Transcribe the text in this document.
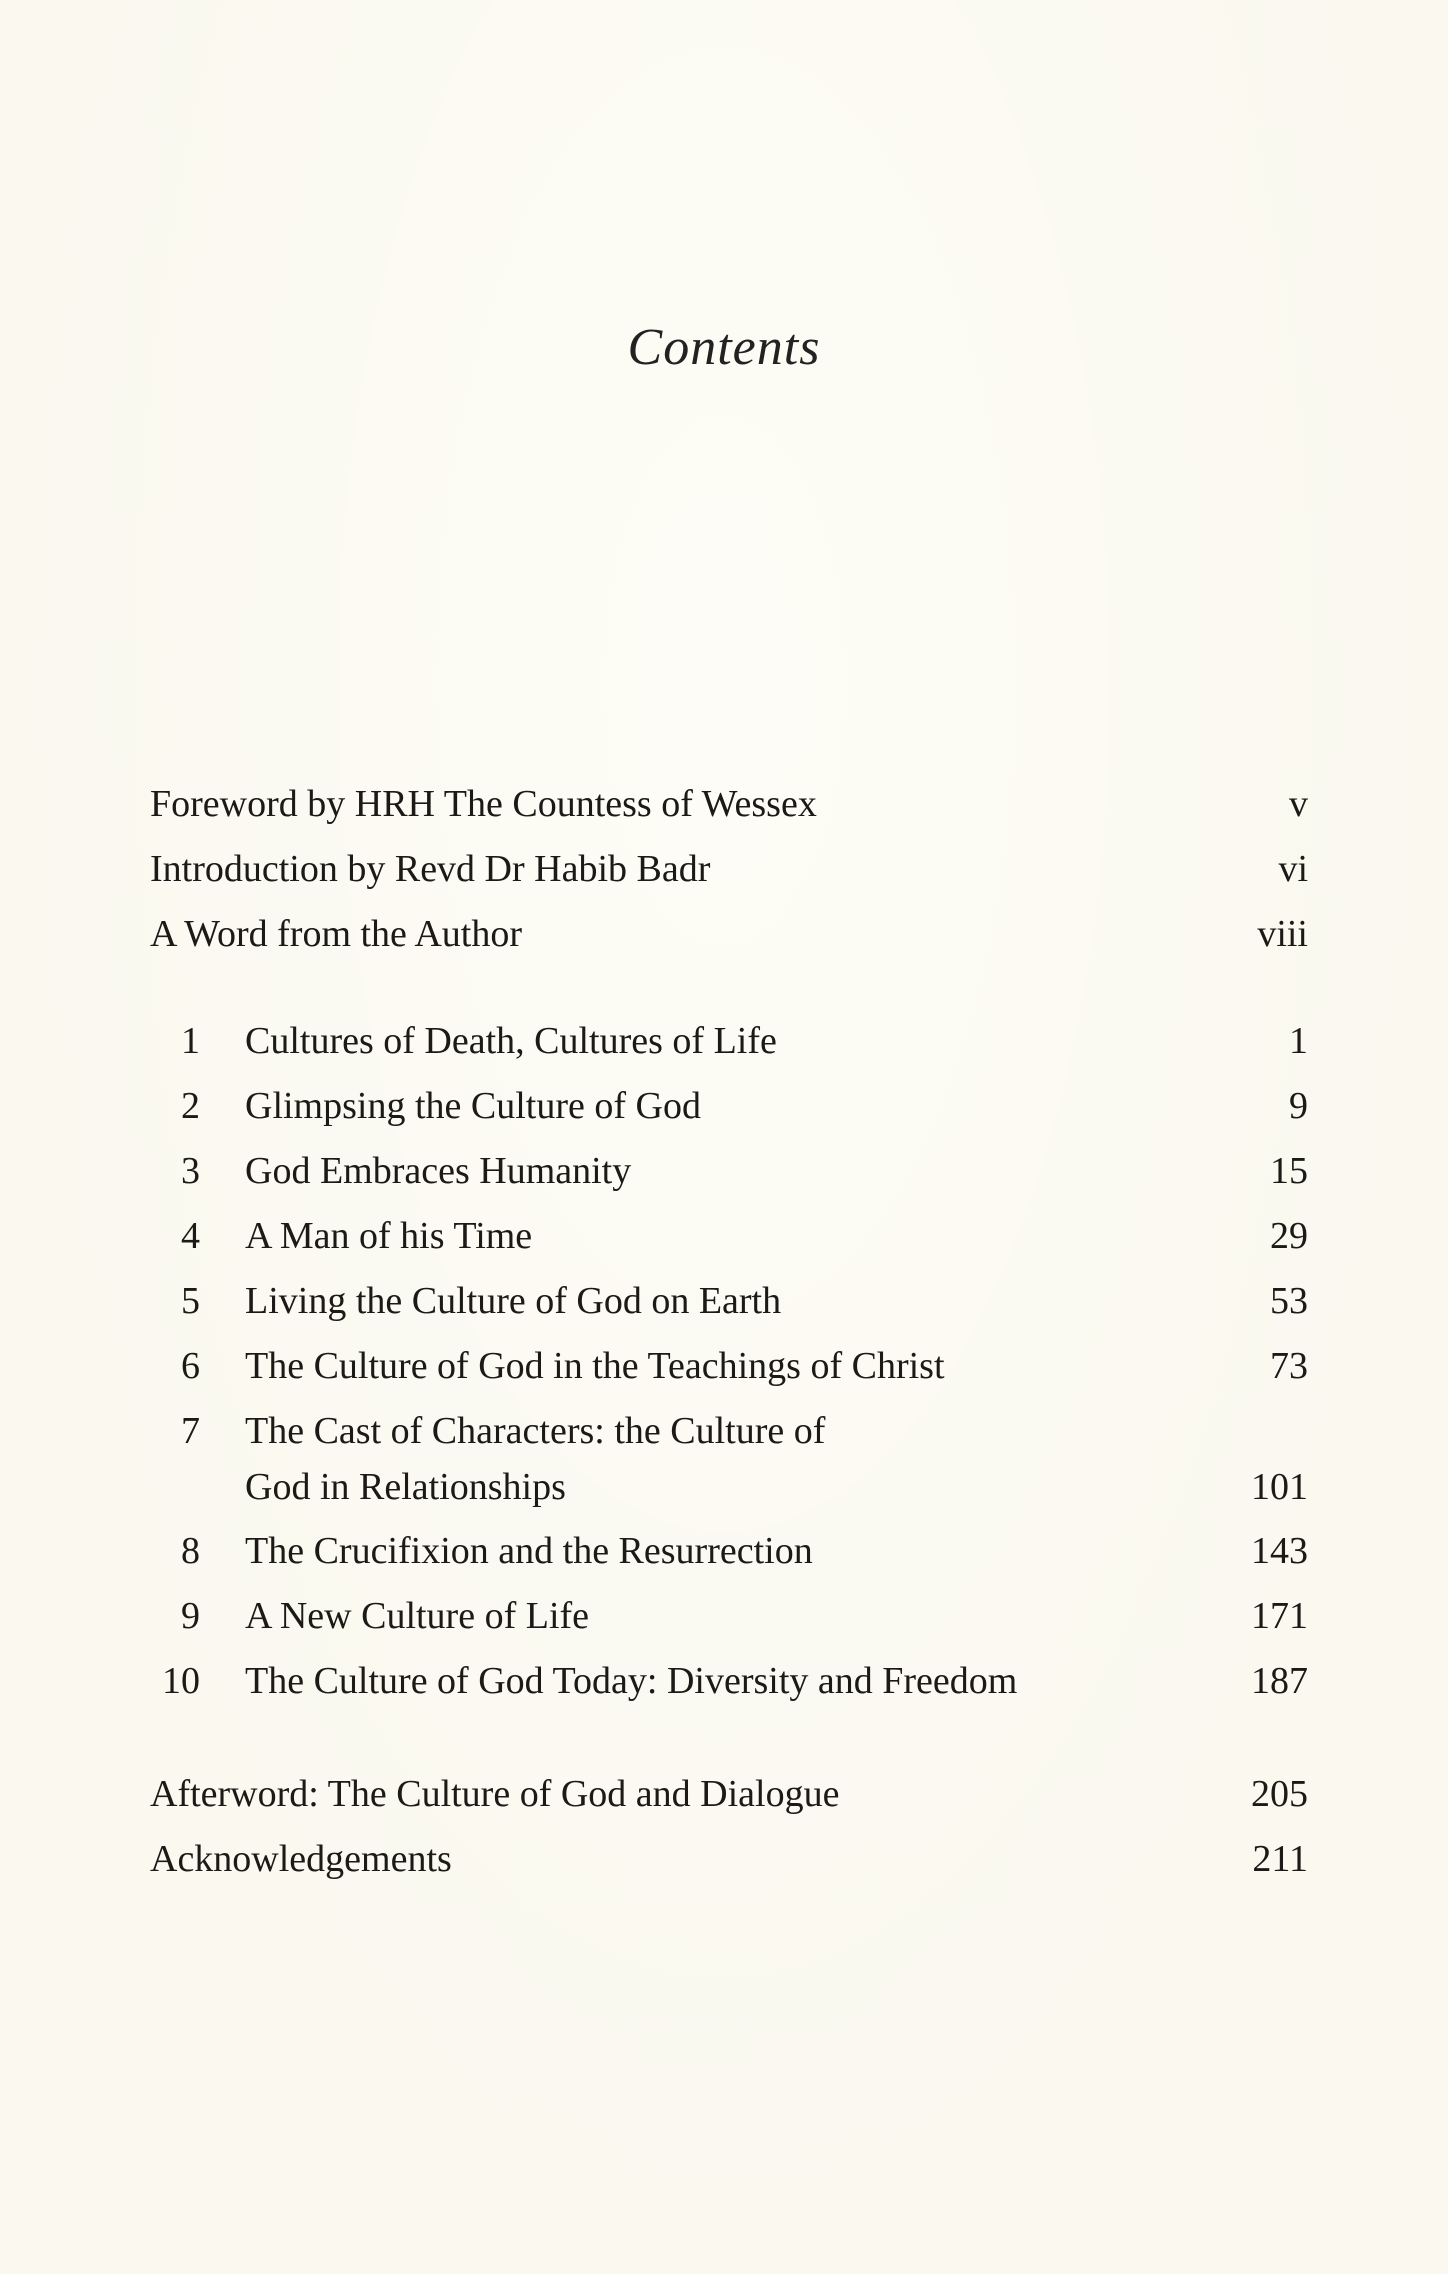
Contents
Foreword by HRH The Countess of Wessex	v
Introduction by Revd Dr Habib Badr	vi
A Word from the Author	viii
1 Cultures of Death, Cultures of Life	1
2 Glimpsing the Culture of God	9
3 God Embraces Humanity	15
4 A Man of his Time	29
5 Living the Culture of God on Earth	53
6 The Culture of God in the Teachings of Christ	73
7 The Cast of Characters: the Culture of
God in Relationships	101
8 The Crucifixion and the Resurrection	143
9 A New Culture of Life	171
10 The Culture of God Today: Diversity and Freedom	187
Afterword: The Culture of God and Dialogue	205
Acknowledgements	211
